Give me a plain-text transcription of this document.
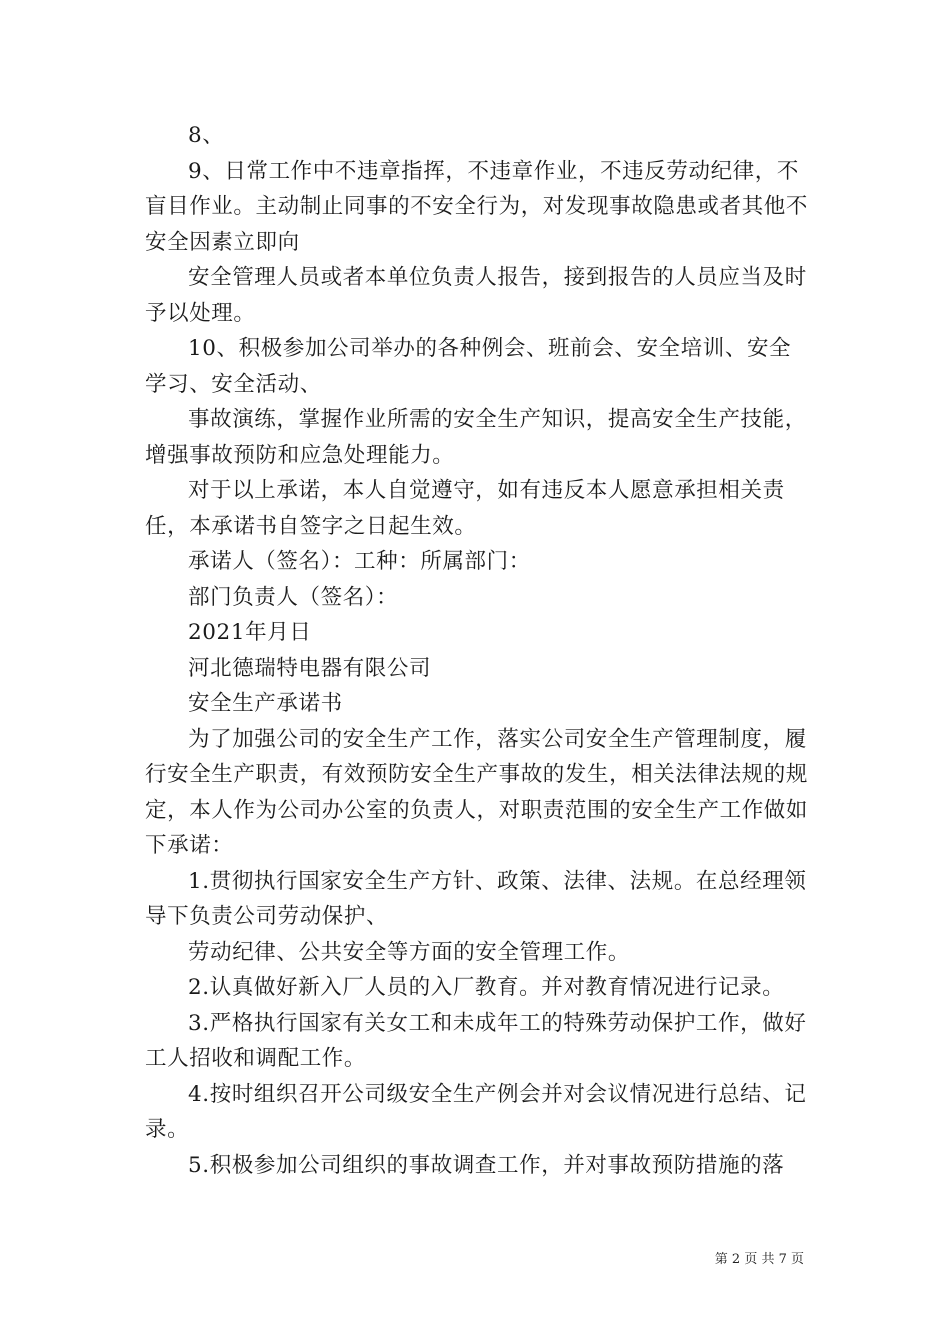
8、

9、日常工作中不违章指挥，不违章作业，不违反劳动纪律，不盲目作业。主动制止同事的不安全行为，对发现事故隐患或者其他不安全因素立即向

安全管理人员或者本单位负责人报告，接到报告的人员应当及时予以处理。

10、积极参加公司举办的各种例会、班前会、安全培训、安全学习、安全活动、

事故演练，掌握作业所需的安全生产知识，提高安全生产技能，增强事故预防和应急处理能力。

对于以上承诺，本人自觉遵守，如有违反本人愿意承担相关责任，本承诺书自签字之日起生效。

承诺人（签名）：工种：所属部门：

部门负责人（签名）：

2021年月日

河北德瑞特电器有限公司

安全生产承诺书

为了加强公司的安全生产工作，落实公司安全生产管理制度，履行安全生产职责，有效预防安全生产事故的发生，相关法律法规的规定，本人作为公司办公室的负责人，对职责范围的安全生产工作做如下承诺：

1.贯彻执行国家安全生产方针、政策、法律、法规。在总经理领导下负责公司劳动保护、

劳动纪律、公共安全等方面的安全管理工作。

2.认真做好新入厂人员的入厂教育。并对教育情况进行记录。

3.严格执行国家有关女工和未成年工的特殊劳动保护工作，做好工人招收和调配工作。

4.按时组织召开公司级安全生产例会并对会议情况进行总结、记录。

5.积极参加公司组织的事故调查工作，并对事故预防措施的落

第 2 页 共 7 页
